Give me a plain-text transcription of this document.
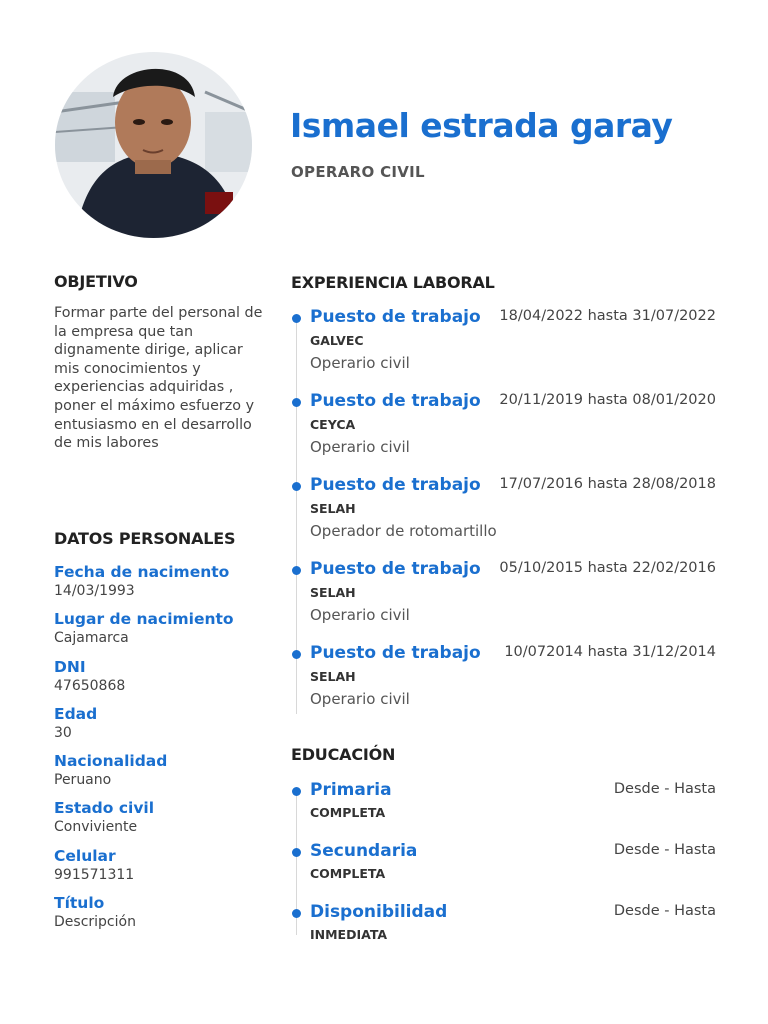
Ismael estrada garay
OPERARO CIVIL
OBJETIVO
Formar parte del personal de la empresa que tan dignamente dirige, aplicar mis conocimientos y experiencias adquiridas , poner el máximo esfuerzo y entusiasmo en el desarrollo de mis labores
DATOS PERSONALES
Fecha de nacimento
14/03/1993
Lugar de nacimiento
Cajamarca
DNI
47650868
Edad
30
Nacionalidad
Peruano
Estado civil
Conviviente
Celular
991571311
Título
Descripción
EXPERIENCIA LABORAL
Puesto de trabajo 18/04/2022 hasta 31/07/2022
GALVEC
Operario civil
Puesto de trabajo 20/11/2019 hasta 08/01/2020
CEYCA
Operario civil
Puesto de trabajo 17/07/2016 hasta 28/08/2018
SELAH
Operador de rotomartillo
Puesto de trabajo 05/10/2015 hasta 22/02/2016
SELAH
Operario civil
Puesto de trabajo 10/072014 hasta 31/12/2014
SELAH
Operario civil
EDUCACIÓN
Primaria	Desde - Hasta
COMPLETA
Secundaria	Desde - Hasta
COMPLETA
Disponibilidad	Desde - Hasta
INMEDIATA
